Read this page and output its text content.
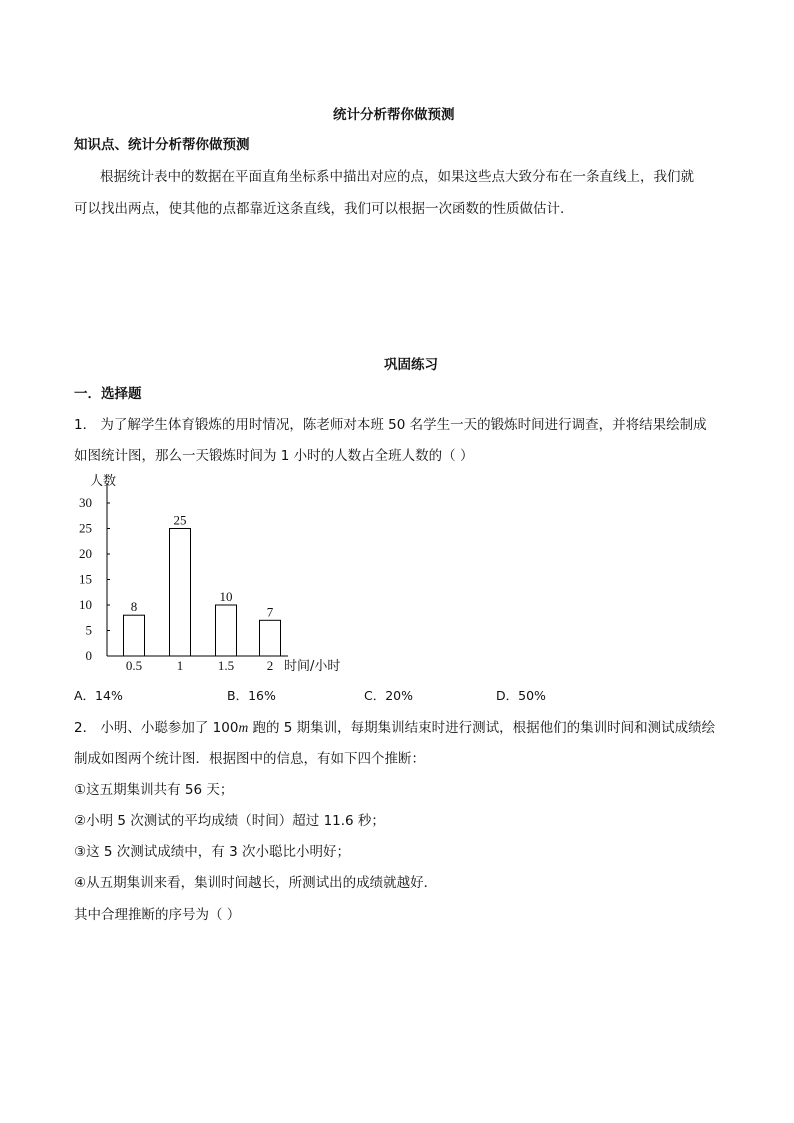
统计分析帮你做预测
知识点、统计分析帮你做预测
根据统计表中的数据在平面直角坐标系中描出对应的点，如果这些点大致分布在一条直线上，我们就
可以找出两点，使其他的点都靠近这条直线，我们可以根据一次函数的性质做估计.
巩固练习
一．选择题
1． 为了解学生体育锻炼的用时情况，陈老师对本班 50 名学生一天的锻炼时间进行调查，并将结果绘制成
如图统计图，那么一天锻炼时间为 1 小时的人数占全班人数的（ ）
人数
时间/小时
0
5
10
15
20
25
30
8
0.5
25
1
10
1.5
7
2
A．14%	B．16%	C．20%	D．50%
2． 小明、小聪参加了 100m 跑的 5 期集训，每期集训结束时进行测试，根据他们的集训时间和测试成绩绘
制成如图两个统计图．根据图中的信息，有如下四个推断：
①这五期集训共有 56 天；
②小明 5 次测试的平均成绩（时间）超过 11.6 秒；
③这 5 次测试成绩中，有 3 次小聪比小明好；
④从五期集训来看，集训时间越长，所测试出的成绩就越好．
其中合理推断的序号为（ ）
